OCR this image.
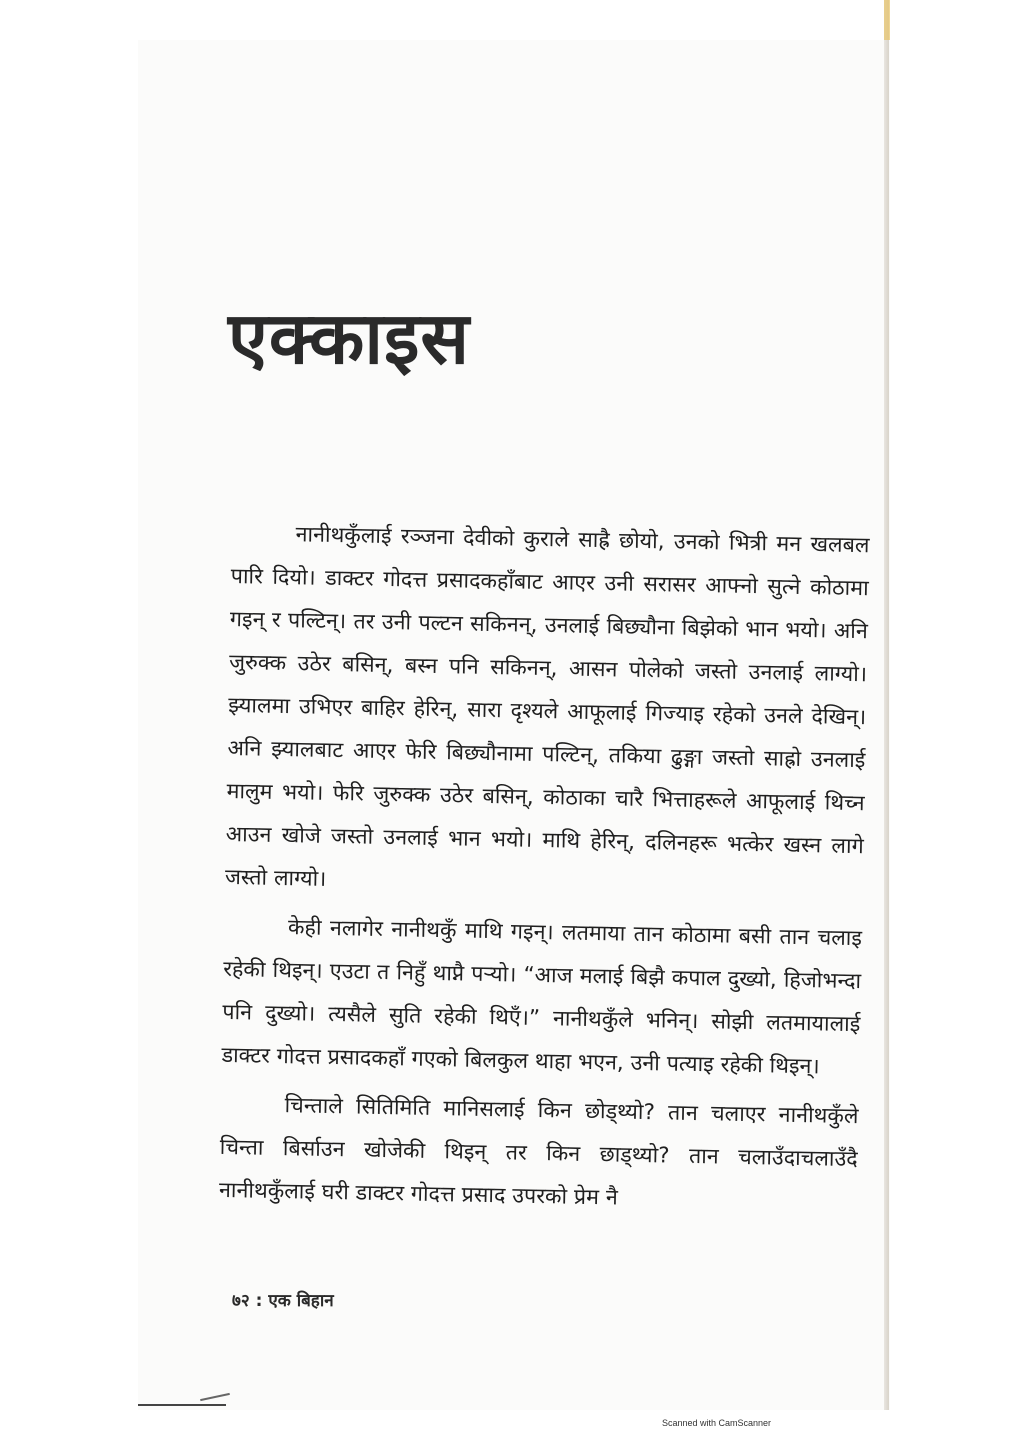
एक्काइस

नानीथकुँलाई रञ्जना देवीको कुराले साह्रै छोयो, उनको भित्री मन खलबल पारि दियो। डाक्टर गोदत्त प्रसादकहाँबाट आएर उनी सरासर आफ्नो सुत्ने कोठामा गइन् र पल्टिन्। तर उनी पल्टन सकिनन्, उनलाई बिछ्यौना बिझेको भान भयो। अनि जुरुक्क उठेर बसिन्, बस्न पनि सकिनन्, आसन पोलेको जस्तो उनलाई लाग्यो। झ्यालमा उभिएर बाहिर हेरिन्, सारा दृश्यले आफूलाई गिज्याइ रहेको उनले देखिन्। अनि झ्यालबाट आएर फेरि बिछ्यौनामा पल्टिन्, तकिया ढुङ्गा जस्तो साह्रो उनलाई मालुम भयो। फेरि जुरुक्क उठेर बसिन्, कोठाका चारै भित्ताहरूले आफूलाई थिच्न आउन खोजे जस्तो उनलाई भान भयो। माथि हेरिन्, दलिनहरू भत्केर खस्न लागे जस्तो लाग्यो।

केही नलागेर नानीथकुँ माथि गइन्। लतमाया तान कोठामा बसी तान चलाइ रहेकी थिइन्। एउटा त निहुँ थाप्नै पर्‍यो। “आज मलाई बिझै कपाल दुख्यो, हिजोभन्दा पनि दुख्यो। त्यसैले सुति रहेकी थिएँ।” नानीथकुँले भनिन्। सोझी लतमायालाई डाक्टर गोदत्त प्रसादकहाँ गएको बिलकुल थाहा भएन, उनी पत्याइ रहेकी थिइन्।

चिन्ताले सितिमिति मानिसलाई किन छोड्थ्यो? तान चलाएर नानीथकुँले चिन्ता बिर्साउन खोजेकी थिइन् तर किन छाड्थ्यो? तान चलाउँदाचलाउँदै नानीथकुँलाई घरी डाक्टर गोदत्त प्रसाद उपरको प्रेम नै

७२ : एक बिहान
Scanned with CamScanner
